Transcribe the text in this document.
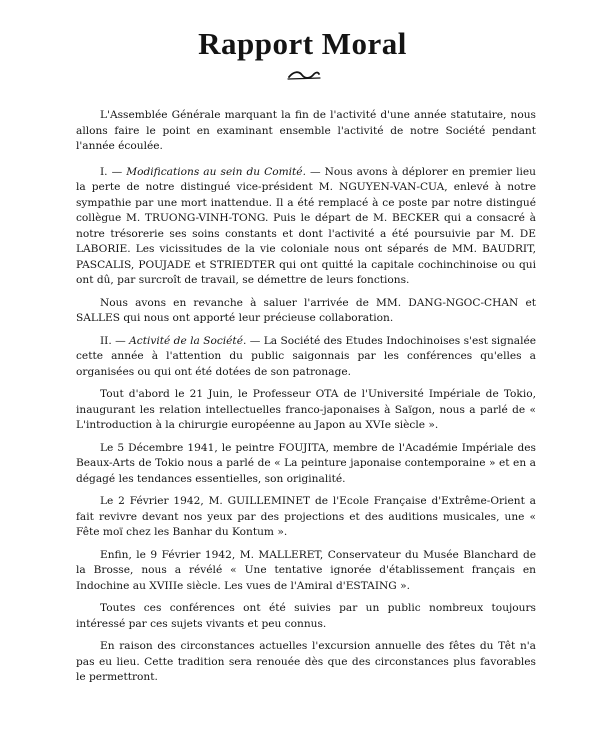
Rapport Moral

L'Assemblée Générale marquant la fin de l'activité d'une année statutaire, nous allons faire le point en examinant ensemble l'activité de notre Société pendant l'année écoulée.

I. — Modifications au sein du Comité. — Nous avons à déplorer en premier lieu la perte de notre distingué vice-président M. NGUYEN-VAN-CUA, enlevé à notre sympathie par une mort inattendue. Il a été remplacé à ce poste par notre distingué collègue M. TRUONG-VINH-TONG. Puis le départ de M. BECKER qui a consacré à notre trésorerie ses soins constants et dont l'activité a été poursuivie par M. DE LABORIE. Les vicissitudes de la vie coloniale nous ont séparés de MM. BAUDRIT, PASCALIS, POUJADE et STRIEDTER qui ont quitté la capitale cochinchinoise ou qui ont dû, par surcroît de travail, se démettre de leurs fonctions.

Nous avons en revanche à saluer l'arrivée de MM. DANG-NGOC-CHAN et SALLES qui nous ont apporté leur précieuse collaboration.

II. — Activité de la Société. — La Société des Etudes Indochinoises s'est signalée cette année à l'attention du public saigonnais par les conférences qu'elles a organisées ou qui ont été dotées de son patronage.

Tout d'abord le 21 Juin, le Professeur OTA de l'Université Impériale de Tokio, inaugurant les relation intellectuelles franco-japonaises à Saïgon, nous a parlé de « L'introduction à la chirurgie européenne au Japon au XVIe siècle ».

Le 5 Décembre 1941, le peintre FOUJITA, membre de l'Académie Impériale des Beaux-Arts de Tokio nous a parlé de « La peinture japonaise contemporaine » et en a dégagé les tendances essentielles, son originalité.

Le 2 Février 1942, M. GUILLEMINET de l'Ecole Française d'Extrême-Orient a fait revivre devant nos yeux par des projections et des auditions musicales, une « Fête moï chez les Banhar du Kontum ».

Enfin, le 9 Février 1942, M. MALLERET, Conservateur du Musée Blanchard de la Brosse, nous a révélé « Une tentative ignorée d'établissement français en Indochine au XVIIIe siècle. Les vues de l'Amiral d'ESTAING ».

Toutes ces conférences ont été suivies par un public nombreux toujours intéressé par ces sujets vivants et peu connus.

En raison des circonstances actuelles l'excursion annuelle des fêtes du Têt n'a pas eu lieu. Cette tradition sera renouée dès que des circonstances plus favorables le permettront.
